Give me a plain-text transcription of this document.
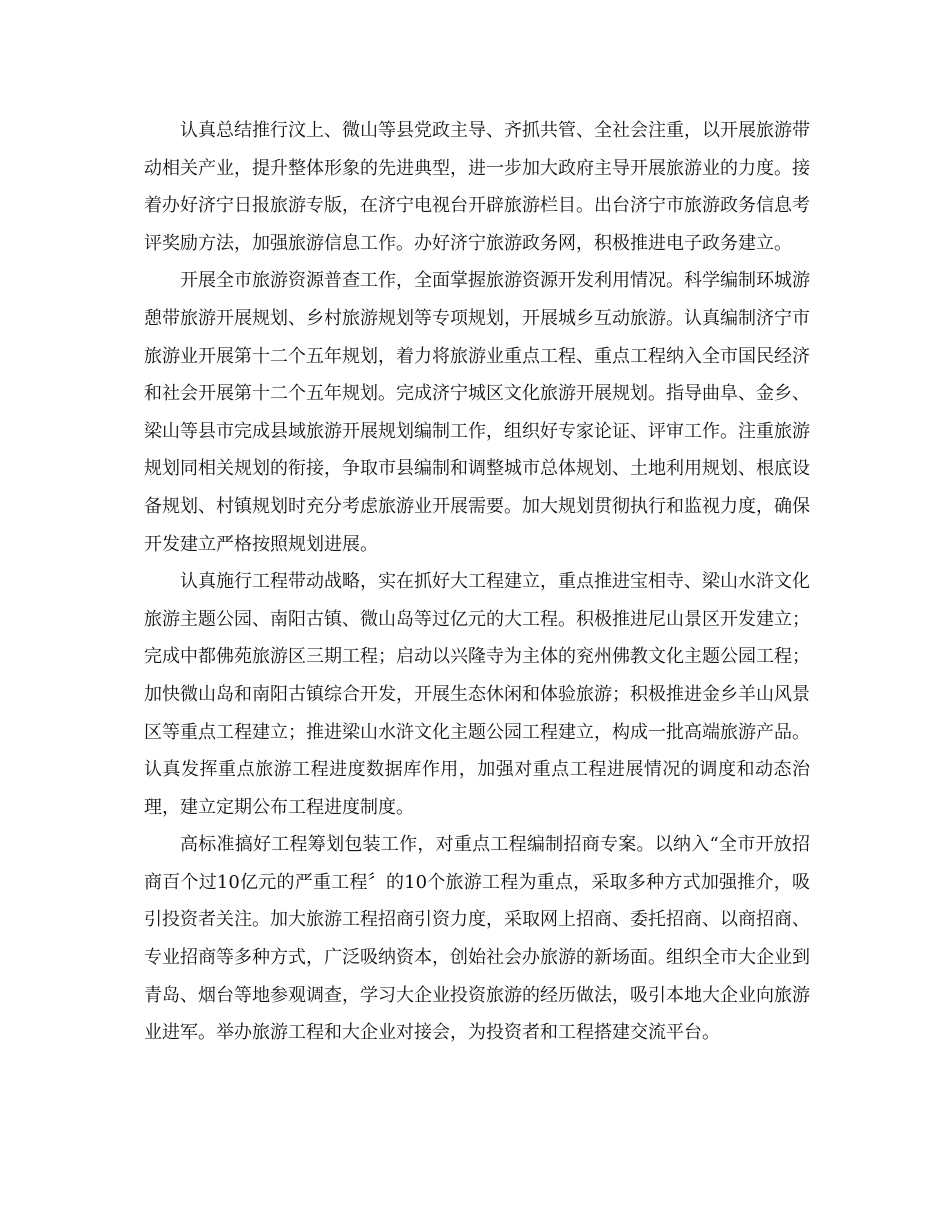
认真总结推行汶上、微山等县党政主导、齐抓共管、全社会注重，以开展旅游带动相关产业，提升整体形象的先进典型，进一步加大政府主导开展旅游业的力度。接着办好济宁日报旅游专版，在济宁电视台开辟旅游栏目。出台济宁市旅游政务信息考评奖励方法，加强旅游信息工作。办好济宁旅游政务网，积极推进电子政务建立。

开展全市旅游资源普查工作，全面掌握旅游资源开发利用情况。科学编制环城游憩带旅游开展规划、乡村旅游规划等专项规划，开展城乡互动旅游。认真编制济宁市旅游业开展第十二个五年规划，着力将旅游业重点工程、重点工程纳入全市国民经济和社会开展第十二个五年规划。完成济宁城区文化旅游开展规划。指导曲阜、金乡、梁山等县市完成县域旅游开展规划编制工作，组织好专家论证、评审工作。注重旅游规划同相关规划的衔接，争取市县编制和调整城市总体规划、土地利用规划、根底设备规划、村镇规划时充分考虑旅游业开展需要。加大规划贯彻执行和监视力度，确保开发建立严格按照规划进展。

认真施行工程带动战略，实在抓好大工程建立，重点推进宝相寺、梁山水浒文化旅游主题公园、南阳古镇、微山岛等过亿元的大工程。积极推进尼山景区开发建立；完成中都佛苑旅游区三期工程；启动以兴隆寺为主体的兖州佛教文化主题公园工程；加快微山岛和南阳古镇综合开发，开展生态休闲和体验旅游；积极推进金乡羊山风景区等重点工程建立；推进梁山水浒文化主题公园工程建立，构成一批高端旅游产品。认真发挥重点旅游工程进度数据库作用，加强对重点工程进展情况的调度和动态治理，建立定期公布工程进度制度。

高标准搞好工程筹划包装工作，对重点工程编制招商专案。以纳入“全市开放招商百个过10亿元的严重工程〞的10个旅游工程为重点，采取多种方式加强推介，吸引投资者关注。加大旅游工程招商引资力度，采取网上招商、委托招商、以商招商、专业招商等多种方式，广泛吸纳资本，创始社会办旅游的新场面。组织全市大企业到青岛、烟台等地参观调查，学习大企业投资旅游的经历做法，吸引本地大企业向旅游业进军。举办旅游工程和大企业对接会，为投资者和工程搭建交流平台。
